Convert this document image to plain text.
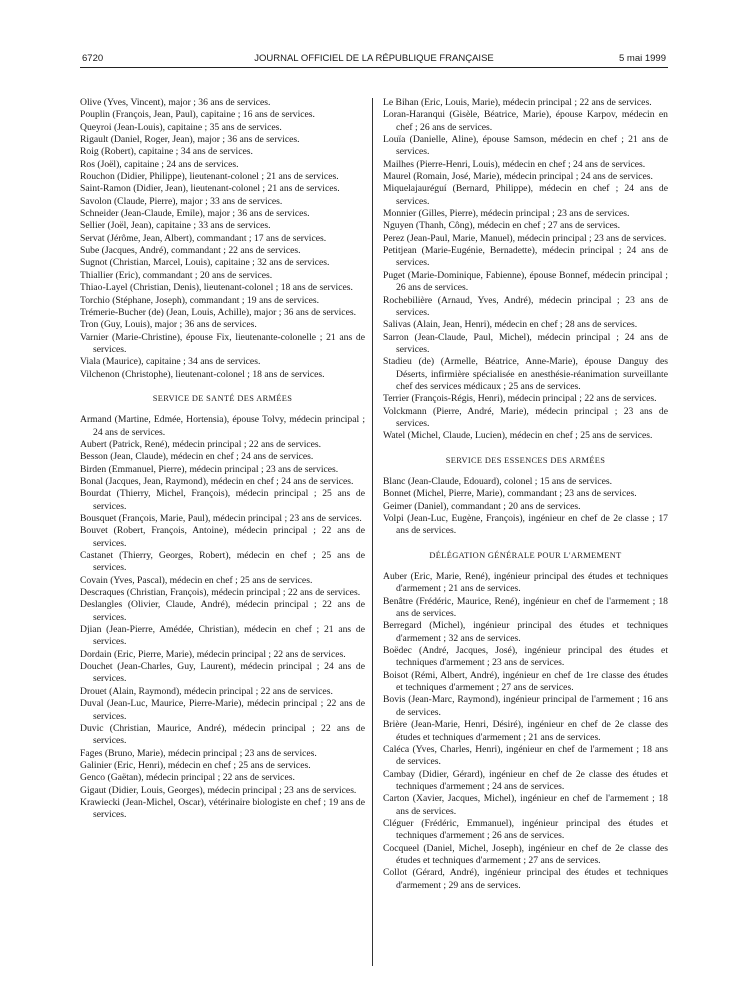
6720	JOURNAL OFFICIEL DE LA RÉPUBLIQUE FRANÇAISE	5 mai 1999
Olive (Yves, Vincent), major ; 36 ans de services.
Pouplin (François, Jean, Paul), capitaine ; 16 ans de services.
Queyroi (Jean-Louis), capitaine ; 35 ans de services.
Rigault (Daniel, Roger, Jean), major ; 36 ans de services.
Roig (Robert), capitaine ; 34 ans de services.
Ros (Joël), capitaine ; 24 ans de services.
Rouchon (Didier, Philippe), lieutenant-colonel ; 21 ans de services.
Saint-Ramon (Didier, Jean), lieutenant-colonel ; 21 ans de services.
Savolon (Claude, Pierre), major ; 33 ans de services.
Schneider (Jean-Claude, Emile), major ; 36 ans de services.
Sellier (Joël, Jean), capitaine ; 33 ans de services.
Servat (Jérôme, Jean, Albert), commandant ; 17 ans de services.
Sube (Jacques, André), commandant ; 22 ans de services.
Sugnot (Christian, Marcel, Louis), capitaine ; 32 ans de services.
Thiallier (Eric), commandant ; 20 ans de services.
Thiao-Layel (Christian, Denis), lieutenant-colonel ; 18 ans de services.
Torchio (Stéphane, Joseph), commandant ; 19 ans de services.
Trémerie-Bucher (de) (Jean, Louis, Achille), major ; 36 ans de services.
Tron (Guy, Louis), major ; 36 ans de services.
Varnier (Marie-Christine), épouse Fix, lieutenante-colonelle ; 21 ans de services.
Viala (Maurice), capitaine ; 34 ans de services.
Vilchenon (Christophe), lieutenant-colonel ; 18 ans de services.
SERVICE DE SANTÉ DES ARMÉES
Armand (Martine, Edmée, Hortensia), épouse Tolvy, médecin principal ; 24 ans de services.
Aubert (Patrick, René), médecin principal ; 22 ans de services.
Besson (Jean, Claude), médecin en chef ; 24 ans de services.
Birden (Emmanuel, Pierre), médecin principal ; 23 ans de services.
Bonal (Jacques, Jean, Raymond), médecin en chef ; 24 ans de services.
Bourdat (Thierry, Michel, François), médecin principal ; 25 ans de services.
Bousquet (François, Marie, Paul), médecin principal ; 23 ans de services.
Bouvet (Robert, François, Antoine), médecin principal ; 22 ans de services.
Castanet (Thierry, Georges, Robert), médecin en chef ; 25 ans de services.
Covain (Yves, Pascal), médecin en chef ; 25 ans de services.
Descraques (Christian, François), médecin principal ; 22 ans de services.
Deslangles (Olivier, Claude, André), médecin principal ; 22 ans de services.
Djian (Jean-Pierre, Amédée, Christian), médecin en chef ; 21 ans de services.
Dordain (Eric, Pierre, Marie), médecin principal ; 22 ans de services.
Douchet (Jean-Charles, Guy, Laurent), médecin principal ; 24 ans de services.
Drouet (Alain, Raymond), médecin principal ; 22 ans de services.
Duval (Jean-Luc, Maurice, Pierre-Marie), médecin principal ; 22 ans de services.
Duvic (Christian, Maurice, André), médecin principal ; 22 ans de services.
Fages (Bruno, Marie), médecin principal ; 23 ans de services.
Galinier (Eric, Henri), médecin en chef ; 25 ans de services.
Genco (Gaëtan), médecin principal ; 22 ans de services.
Gigaut (Didier, Louis, Georges), médecin principal ; 23 ans de services.
Krawiecki (Jean-Michel, Oscar), vétérinaire biologiste en chef ; 19 ans de services.
Le Bihan (Eric, Louis, Marie), médecin principal ; 22 ans de services.
Loran-Haranqui (Gisèle, Béatrice, Marie), épouse Karpov, médecin en chef ; 26 ans de services.
Louïa (Danielle, Aline), épouse Samson, médecin en chef ; 21 ans de services.
Mailhes (Pierre-Henri, Louis), médecin en chef ; 24 ans de services.
Maurel (Romain, José, Marie), médecin principal ; 24 ans de services.
Miquelajauréguí (Bernard, Philippe), médecin en chef ; 24 ans de services.
Monnier (Gilles, Pierre), médecin principal ; 23 ans de services.
Nguyen (Thanh, Công), médecin en chef ; 27 ans de services.
Perez (Jean-Paul, Marie, Manuel), médecin principal ; 23 ans de services.
Petitjean (Marie-Eugénie, Bernadette), médecin principal ; 24 ans de services.
Puget (Marie-Dominique, Fabienne), épouse Bonnef, médecin principal ; 26 ans de services.
Rochebilière (Arnaud, Yves, André), médecin principal ; 23 ans de services.
Salivas (Alain, Jean, Henri), médecin en chef ; 28 ans de services.
Sarron (Jean-Claude, Paul, Michel), médecin principal ; 24 ans de services.
Stadieu (de) (Armelle, Béatrice, Anne-Marie), épouse Danguy des Déserts, infirmière spécialisée en anesthésie-réanimation surveillante chef des services médicaux ; 25 ans de services.
Terrier (François-Régis, Henri), médecin principal ; 22 ans de services.
Volckmann (Pierre, André, Marie), médecin principal ; 23 ans de services.
Watel (Michel, Claude, Lucien), médecin en chef ; 25 ans de services.
SERVICE DES ESSENCES DES ARMÉES
Blanc (Jean-Claude, Edouard), colonel ; 15 ans de services.
Bonnet (Michel, Pierre, Marie), commandant ; 23 ans de services.
Geimer (Daniel), commandant ; 20 ans de services.
Volpi (Jean-Luc, Eugène, François), ingénieur en chef de 2e classe ; 17 ans de services.
DÉLÉGATION GÉNÉRALE POUR L'ARMEMENT
Auber (Eric, Marie, René), ingénieur principal des études et techniques d'armement ; 21 ans de services.
Benâtre (Frédéric, Maurice, René), ingénieur en chef de l'armement ; 18 ans de services.
Berregard (Michel), ingénieur principal des études et techniques d'armement ; 32 ans de services.
Boëdec (André, Jacques, José), ingénieur principal des études et techniques d'armement ; 23 ans de services.
Boisot (Rémi, Albert, André), ingénieur en chef de 1re classe des études et techniques d'armement ; 27 ans de services.
Bovis (Jean-Marc, Raymond), ingénieur principal de l'armement ; 16 ans de services.
Brière (Jean-Marie, Henri, Désiré), ingénieur en chef de 2e classe des études et techniques d'armement ; 21 ans de services.
Caléca (Yves, Charles, Henri), ingénieur en chef de l'armement ; 18 ans de services.
Cambay (Didier, Gérard), ingénieur en chef de 2e classe des études et techniques d'armement ; 24 ans de services.
Carton (Xavier, Jacques, Michel), ingénieur en chef de l'armement ; 18 ans de services.
Cléguer (Frédéric, Emmanuel), ingénieur principal des études et techniques d'armement ; 26 ans de services.
Cocqueel (Daniel, Michel, Joseph), ingénieur en chef de 2e classe des études et techniques d'armement ; 27 ans de services.
Collot (Gérard, André), ingénieur principal des études et techniques d'armement ; 29 ans de services.
